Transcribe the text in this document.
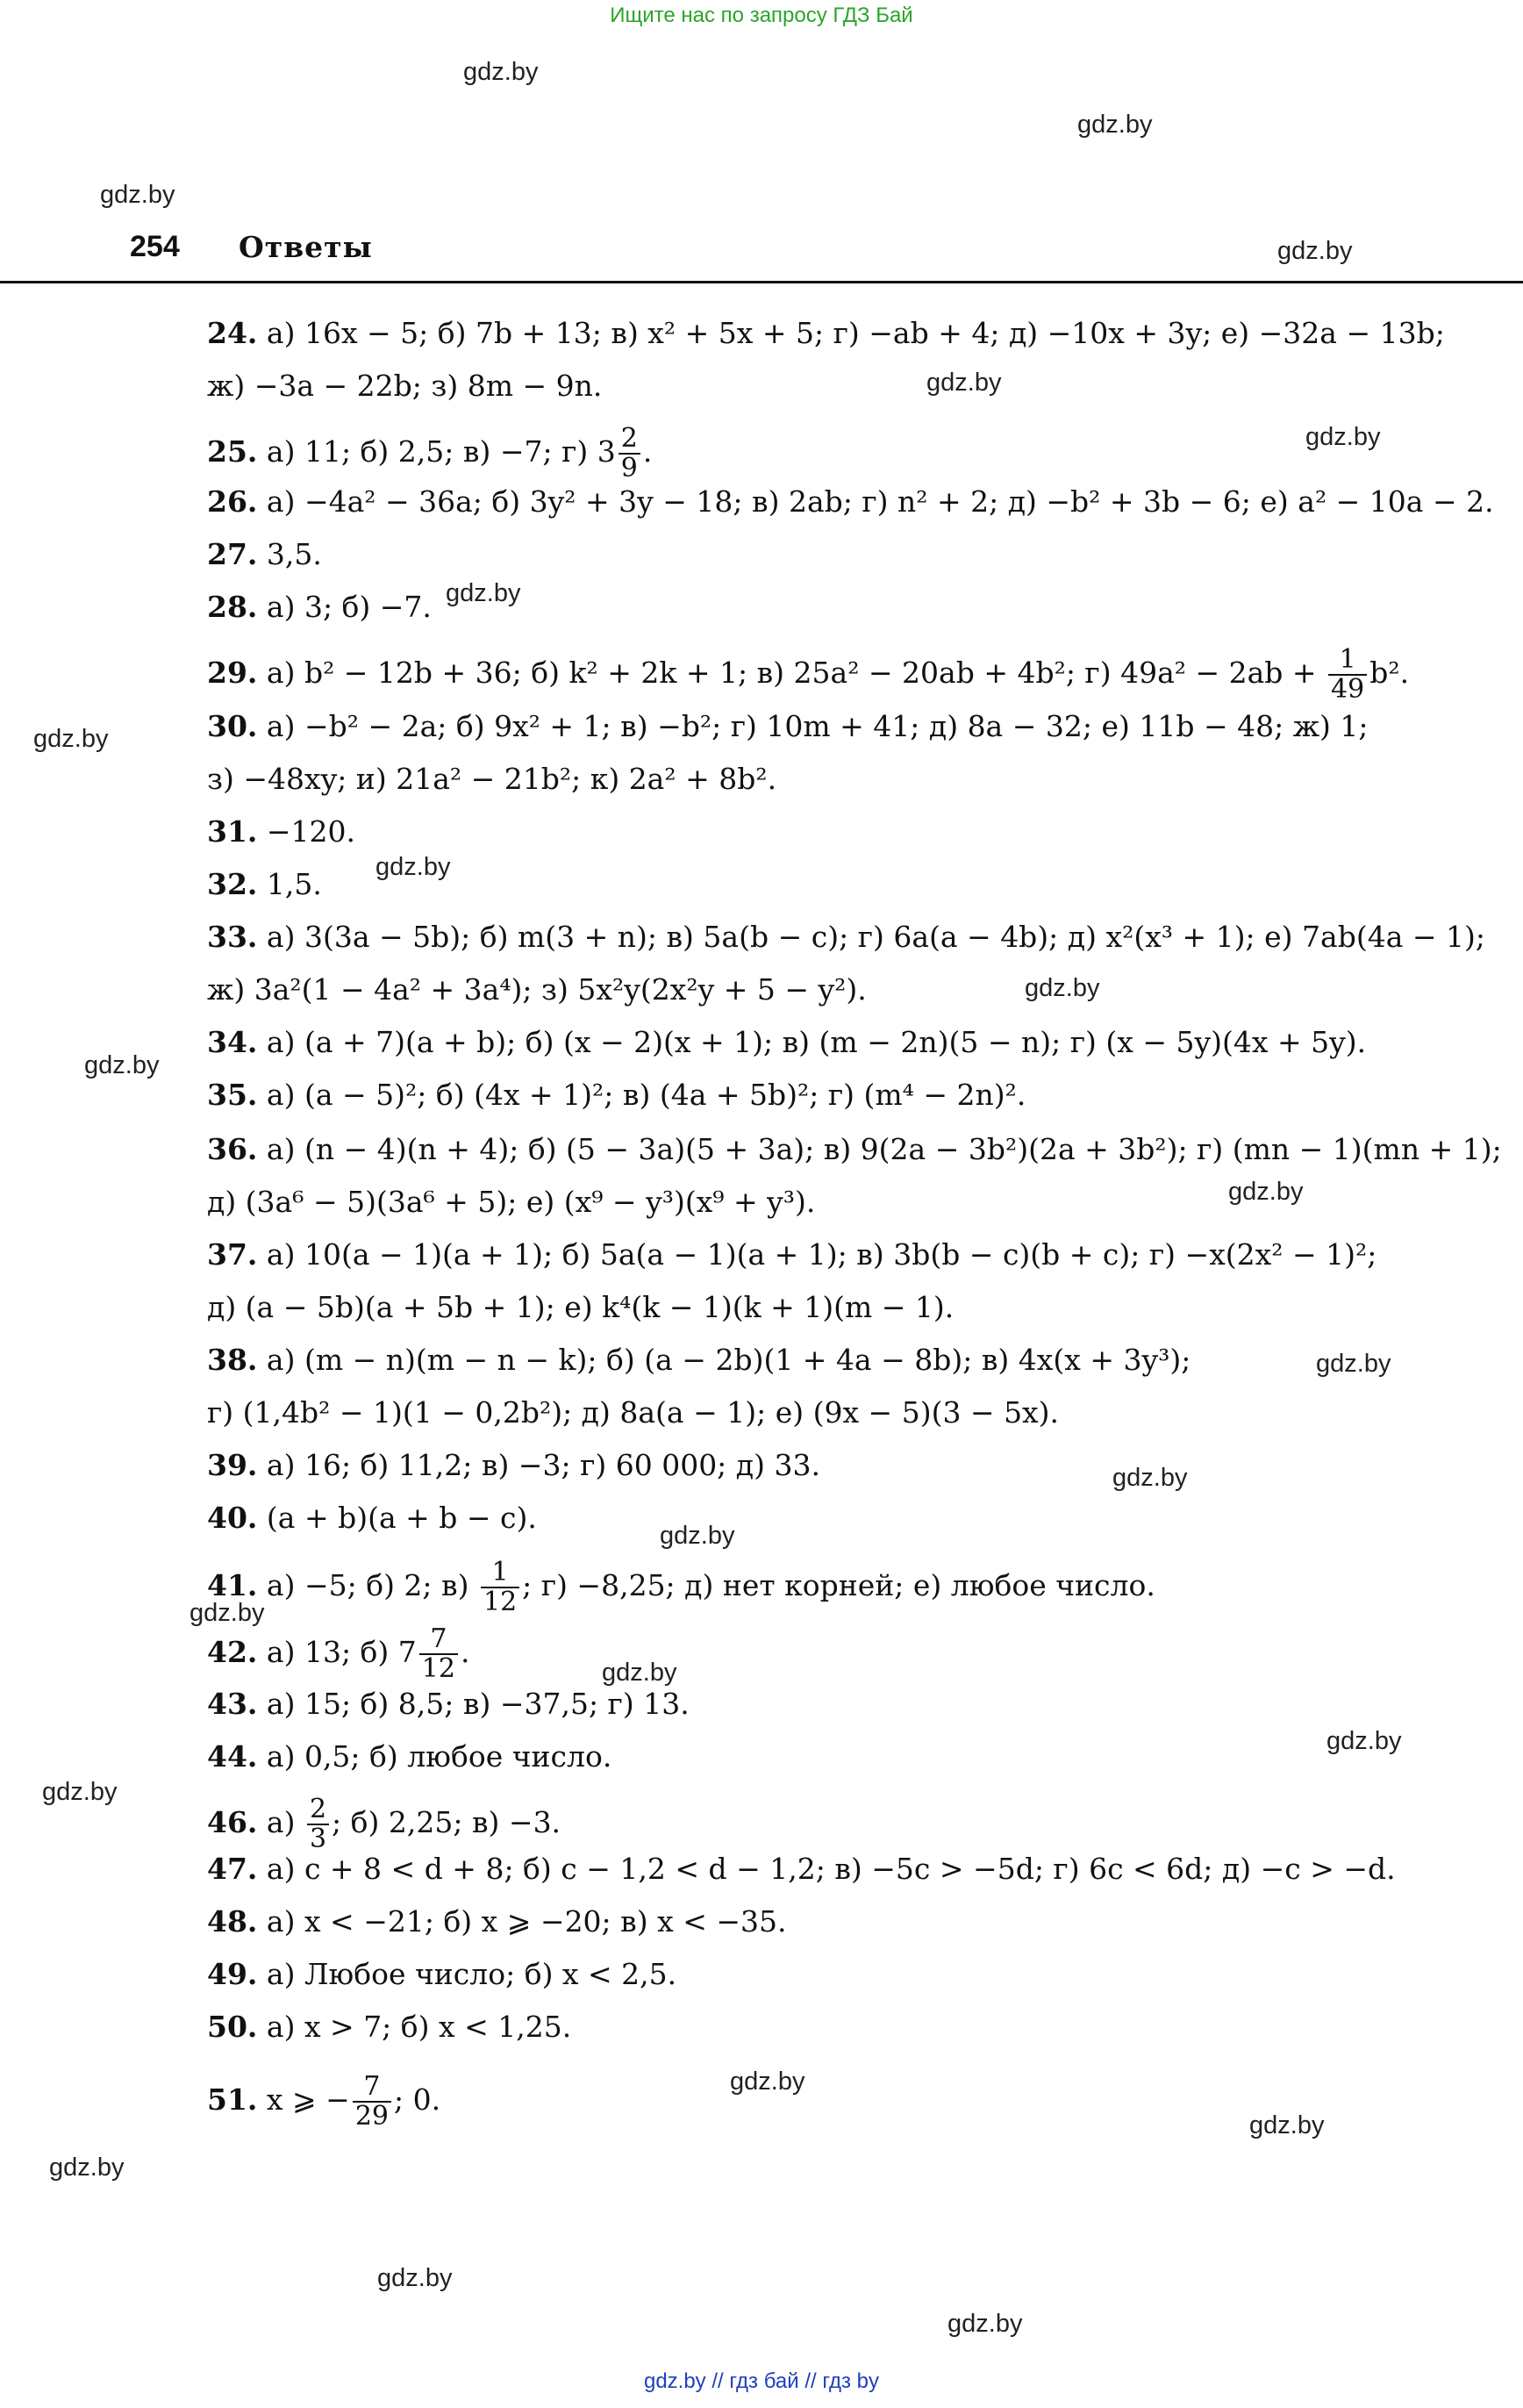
Ищите нас по запросу ГДЗ Бай
gdz.by
gdz.by
gdz.by
gdz.by
gdz.by
gdz.by
gdz.by
gdz.by
gdz.by
gdz.by
gdz.by
gdz.by
gdz.by
gdz.by
gdz.by
gdz.by
gdz.by
gdz.by
gdz.by
gdz.by
gdz.by
gdz.by
gdz.by
gdz.by
254 Ответы
24. а) 16x − 5; б) 7b + 13; в) x² + 5x + 5; г) −ab + 4; д) −10x + 3y; е) −32a − 13b;
ж) −3a − 22b; з) 8m − 9n.
25. а) 11; б) 2,5; в) −7; г) $3 \frac{2}{9}$ .
26. а) −4a² − 36a; б) 3y² + 3y − 18; в) 2ab; г) n² + 2; д) −b² + 3b − 6; е) a² − 10a − 2.
27. 3,5.
28. а) 3; б) −7.
29. а) b² − 12b + 36; б) k² + 2k + 1; в) 25a² − 20ab + 4b²; г) $49a^2 - 2ab + \frac{1}{49} b^2$.
30. а) −b² − 2a; б) 9x² + 1; в) −b²; г) 10m + 41; д) 8a − 32; е) 11b − 48; ж) 1;
з) −48xy; и) 21a² − 21b²; к) 2a² + 8b².
31. −120.
32. 1,5.
33. а) 3(3a − 5b); б) m(3 + n); в) 5a(b − c); г) 6a(a − 4b); д) x²(x³ + 1); е) 7ab(4a − 1);
ж) 3a²(1 − 4a² + 3a⁴); з) 5x²y(2x²y + 5 − y²).
34. а) (a + 7)(a + b); б) (x − 2)(x + 1); в) (m − 2n)(5 − n); г) (x − 5y)(4x + 5y).
35. а) (a − 5)²; б) (4x + 1)²; в) (4a + 5b)²; г) (m⁴ − 2n)².
36. а) (n − 4)(n + 4); б) (5 − 3a)(5 + 3a); в) 9(2a − 3b²)(2a + 3b²); г) (mn − 1)(mn + 1);
д) (3a⁶ − 5)(3a⁶ + 5); е) (x⁹ − y³)(x⁹ + y³).
37. а) 10(a − 1)(a + 1); б) 5a(a − 1)(a + 1); в) 3b(b − c)(b + c); г) −x(2x² − 1)²;
д) (a − 5b)(a + 5b + 1); е) k⁴(k − 1)(k + 1)(m − 1).
38. а) (m − n)(m − n − k); б) (a − 2b)(1 + 4a − 8b); в) 4x(x + 3y³);
г) (1,4b² − 1)(1 − 0,2b²); д) 8a(a − 1); е) (9x − 5)(3 − 5x).
39. а) 16; б) 11,2; в) −3; г) 60 000; д) 33.
40. (a + b)(a + b − c).
41. а) −5; б) 2; $в) \frac{1}{12}$ ; г) −8,25; д) нет корней; е) любое число.
42. а) 13; б) $7 \frac{7}{12}$ .
43. а) 15; б) 8,5; в) −37,5; г) 13.
44. а) 0,5; б) любое число.
46. $а) \frac{2}{3}$ ; б) 2,25; в) −3.
47. а) c + 8 < d + 8; б) c − 1,2 < d − 1,2; в) −5c > −5d; г) 6c < 6d; д) −c > −d.
48. а) x < −21; б) x ⩾ −20; в) x < −35.
49. а) Любое число; б) x < 2,5.
50. а) x > 7; б) x < 1,25.
51. x ⩾ − $\frac{7}{29}$ ; 0.
gdz.by // гдз бай // гдз by
